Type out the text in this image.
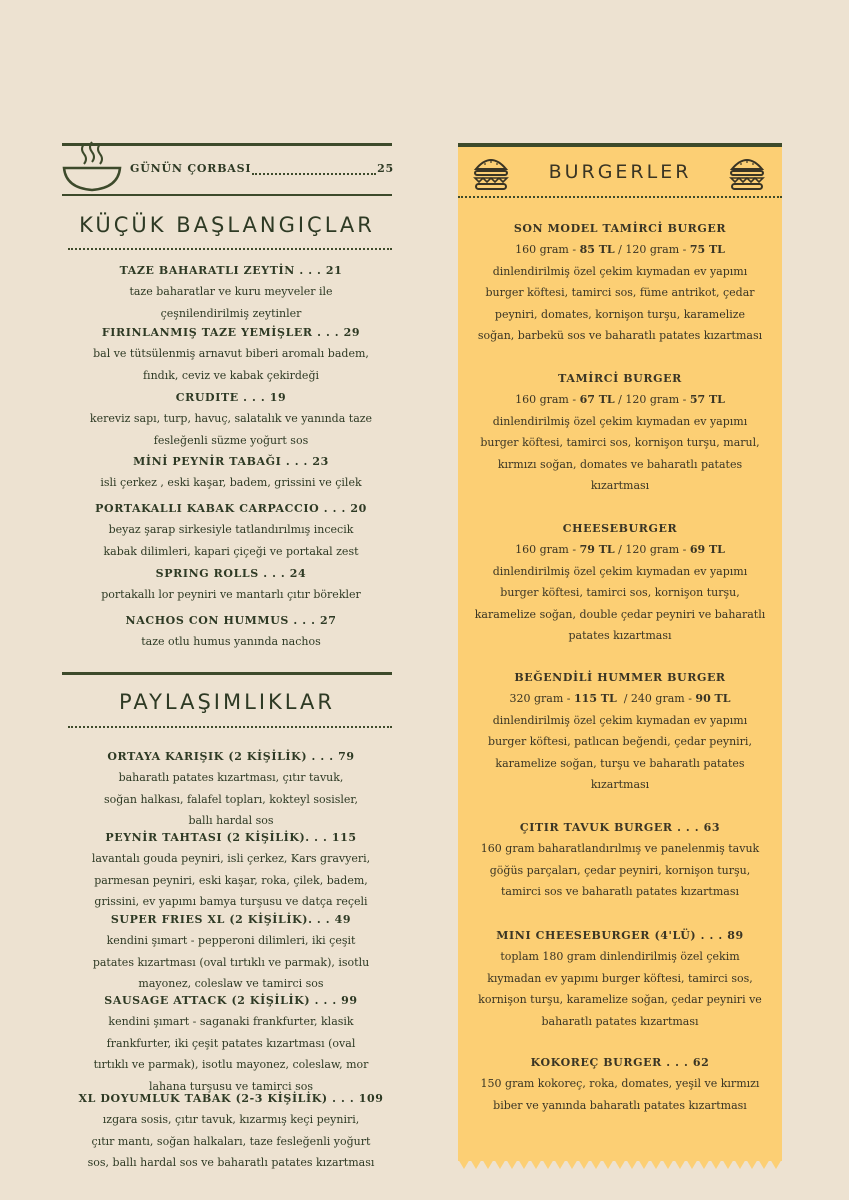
GÜNÜN ÇORBASI	25
KÜÇÜK BAŞLANGIÇLAR
TAZE BAHARATLI ZEYTİN . . . 21
taze baharatlar ve kuru meyveler ile
çeşnilendirilmiş zeytinler
FIRINLANMIŞ TAZE YEMİŞLER . . . 29
bal ve tütsülenmiş arnavut biberi aromalı badem,
fındık, ceviz ve kabak çekirdeği
CRUDITE . . . 19
kereviz sapı, turp, havuç, salatalık ve yanında taze
fesleğenli süzme yoğurt sos
MİNİ PEYNİR TABAĞI . . . 23
isli çerkez , eski kaşar, badem, grissini ve çilek
PORTAKALLI KABAK CARPACCIO . . . 20
beyaz şarap sirkesiyle tatlandırılmış incecik
kabak dilimleri, kapari çiçeği ve portakal zest
SPRING ROLLS . . . 24
portakallı lor peyniri ve mantarlı çıtır börekler
NACHOS CON HUMMUS . . . 27
taze otlu humus yanında nachos
PAYLAŞIMLIKLAR
ORTAYA KARIŞIK (2 KİŞİLİK) . . . 79
baharatlı patates kızartması, çıtır tavuk,
soğan halkası, falafel topları, kokteyl sosisler,
ballı hardal sos
PEYNİR TAHTASI (2 KİŞİLİK). . . 115
lavantalı gouda peyniri, isli çerkez, Kars gravyeri,
parmesan peyniri, eski kaşar, roka, çilek, badem,
grissini, ev yapımı bamya turşusu ve datça reçeli
SUPER FRIES XL (2 KİŞİLİK). . . 49
kendini şımart - pepperoni dilimleri, iki çeşit
patates kızartması (oval tırtıklı ve parmak), isotlu
mayonez, coleslaw ve tamirci sos
SAUSAGE ATTACK (2 KİŞİLİK) . . . 99
kendini şımart - saganaki frankfurter, klasik
frankfurter, iki çeşit patates kızartması (oval
tırtıklı ve parmak), isotlu mayonez, coleslaw, mor
lahana turşusu ve tamirci sos
XL DOYUMLUK TABAK (2-3 KİŞİLİK) . . . 109
ızgara sosis, çıtır tavuk, kızarmış keçi peyniri,
çıtır mantı, soğan halkaları, taze fesleğenli yoğurt
sos, ballı hardal sos ve baharatlı patates kızartması
BURGERLER
SON MODEL TAMİRCİ BURGER
160 gram - 85 TL / 120 gram - 75 TL
dinlendirilmiş özel çekim kıymadan ev yapımı
burger köftesi, tamirci sos, füme antrikot, çedar
peyniri, domates, kornişon turşu, karamelize
soğan, barbekü sos ve baharatlı patates kızartması
TAMİRCİ BURGER
160 gram - 67 TL / 120 gram - 57 TL
dinlendirilmiş özel çekim kıymadan ev yapımı
burger köftesi, tamirci sos, kornişon turşu, marul,
kırmızı soğan, domates ve baharatlı patates
kızartması
CHEESEBURGER
160 gram - 79 TL / 120 gram - 69 TL
dinlendirilmiş özel çekim kıymadan ev yapımı
burger köftesi, tamirci sos, kornişon turşu,
karamelize soğan, double çedar peyniri ve baharatlı
patates kızartması
BEĞENDİLİ HUMMER BURGER
320 gram - 115 TL  / 240 gram - 90 TL
dinlendirilmiş özel çekim kıymadan ev yapımı
burger köftesi, patlıcan beğendi, çedar peyniri,
karamelize soğan, turşu ve baharatlı patates
kızartması
ÇITIR TAVUK BURGER . . . 63
160 gram baharatlandırılmış ve panelenmiş tavuk
göğüs parçaları, çedar peyniri, kornişon turşu,
tamirci sos ve baharatlı patates kızartması
MINI CHEESEBURGER (4'LÜ) . . . 89
toplam 180 gram dinlendirilmiş özel çekim
kıymadan ev yapımı burger köftesi, tamirci sos,
kornişon turşu, karamelize soğan, çedar peyniri ve
baharatlı patates kızartması
KOKOREÇ BURGER . . . 62
150 gram kokoreç, roka, domates, yeşil ve kırmızı
biber ve yanında baharatlı patates kızartması
